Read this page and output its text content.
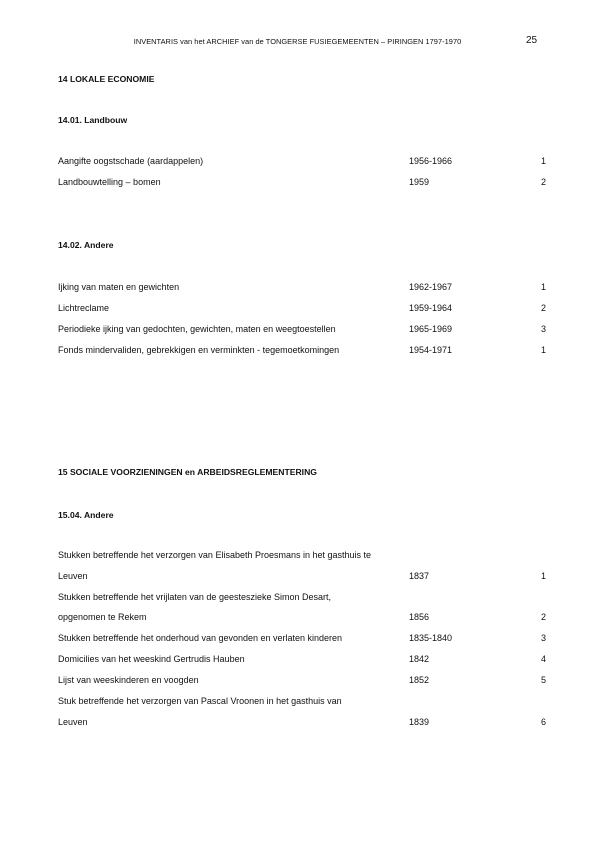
INVENTARIS van het ARCHIEF van de TONGERSE FUSIEGEMEENTEN – PIRINGEN 1797-1970	25
14 LOKALE ECONOMIE
14.01. Landbouw
Aangifte oogstschade (aardappelen)	1956-1966	1
Landbouwtelling – bomen	1959	2
14.02. Andere
Ijking van maten en gewichten	1962-1967	1
Lichtreclame	1959-1964	2
Periodieke ijking van gedochten, gewichten, maten en weegtoestellen	1965-1969	3
Fonds mindervaliden, gebrekkigen en verminkten - tegemoetkomingen	1954-1971	1
15 SOCIALE VOORZIENINGEN en ARBEIDSREGLEMENTERING
15.04. Andere
Stukken betreffende het verzorgen van Elisabeth Proesmans in het gasthuis te
Leuven	1837	1
Stukken betreffende het vrijlaten van de geesteszieke Simon Desart,
opgenomen te Rekem	1856	2
Stukken betreffende het onderhoud van gevonden en verlaten kinderen	1835-1840	3
Domicilies van het weeskind Gertrudis Hauben	1842	4
Lijst van weeskinderen en voogden	1852	5
Stuk betreffende het verzorgen van Pascal Vroonen in het gasthuis van
Leuven	1839	6
